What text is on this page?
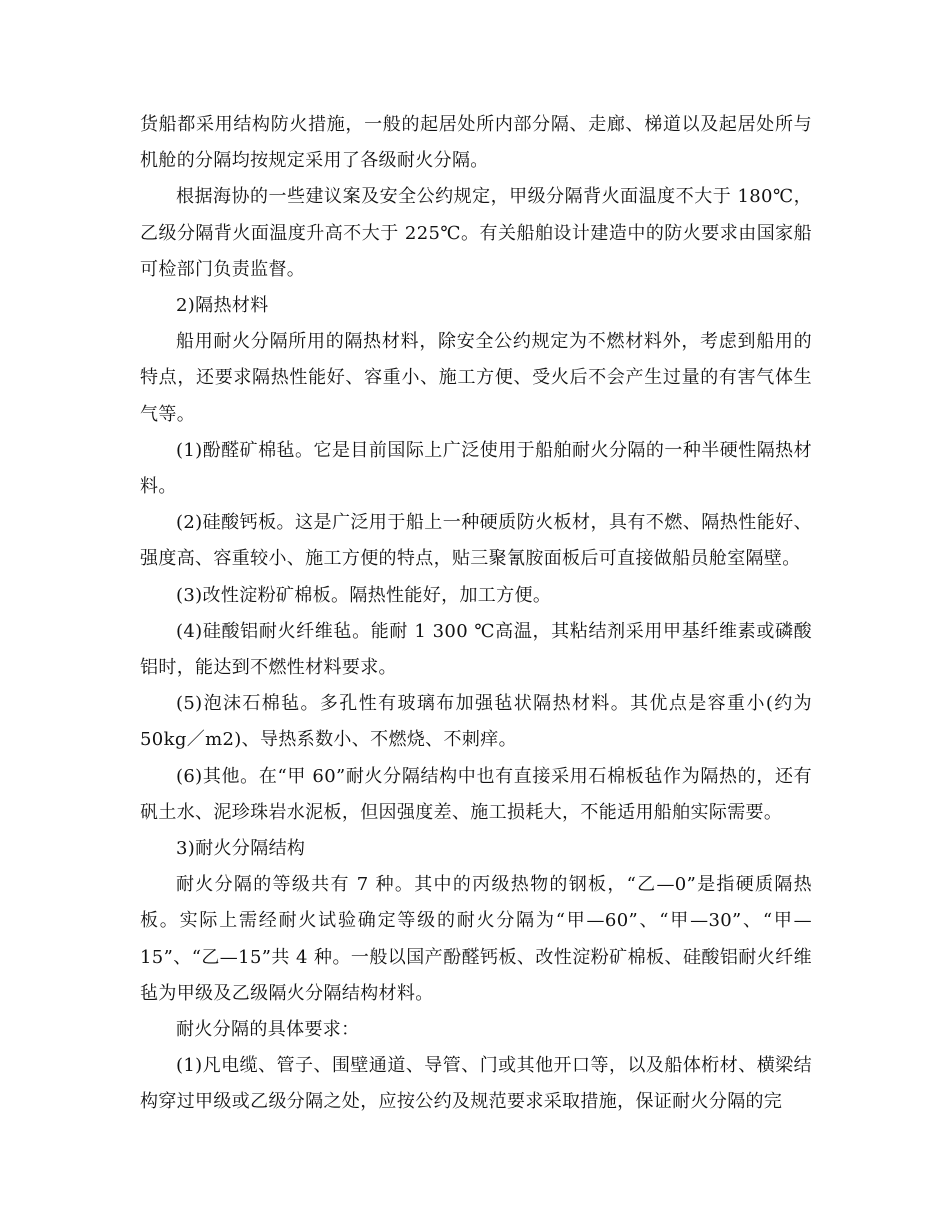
货船都采用结构防火措施，一般的起居处所内部分隔、走廊、梯道以及起居处所与机舱的分隔均按规定采用了各级耐火分隔。

根据海协的一些建议案及安全公约规定，甲级分隔背火面温度不大于 180℃，乙级分隔背火面温度升高不大于 225℃。有关船舶设计建造中的防火要求由国家船可检部门负责监督。

2)隔热材料

船用耐火分隔所用的隔热材料，除安全公约规定为不燃材料外，考虑到船用的特点，还要求隔热性能好、容重小、施工方便、受火后不会产生过量的有害气体生气等。

(1)酚醛矿棉毡。它是目前国际上广泛使用于船舶耐火分隔的一种半硬性隔热材料。

(2)硅酸钙板。这是广泛用于船上一种硬质防火板材，具有不燃、隔热性能好、强度高、容重较小、施工方便的特点，贴三聚氰胺面板后可直接做船员舱室隔壁。

(3)改性淀粉矿棉板。隔热性能好，加工方便。

(4)硅酸铝耐火纤维毡。能耐 1 300 ℃高温，其粘结剂采用甲基纤维素或磷酸铝时，能达到不燃性材料要求。

(5)泡沫石棉毡。多孔性有玻璃布加强毡状隔热材料。其优点是容重小(约为 50kg／m2)、导热系数小、不燃烧、不刺痒。

(6)其他。在“甲 60”耐火分隔结构中也有直接采用石棉板毡作为隔热的，还有矾土水、泥珍珠岩水泥板，但因强度差、施工损耗大，不能适用船舶实际需要。

3)耐火分隔结构

耐火分隔的等级共有 7 种。其中的丙级热物的钢板，“乙—0”是指硬质隔热板。实际上需经耐火试验确定等级的耐火分隔为“甲—60”、“甲—30”、“甲—15”、“乙—15”共 4 种。一般以国产酚醛钙板、改性淀粉矿棉板、硅酸铝耐火纤维毡为甲级及乙级隔火分隔结构材料。

耐火分隔的具体要求：

(1)凡电缆、管子、围壁通道、导管、门或其他开口等，以及船体桁材、横梁结构穿过甲级或乙级分隔之处，应按公约及规范要求采取措施，保证耐火分隔的完
